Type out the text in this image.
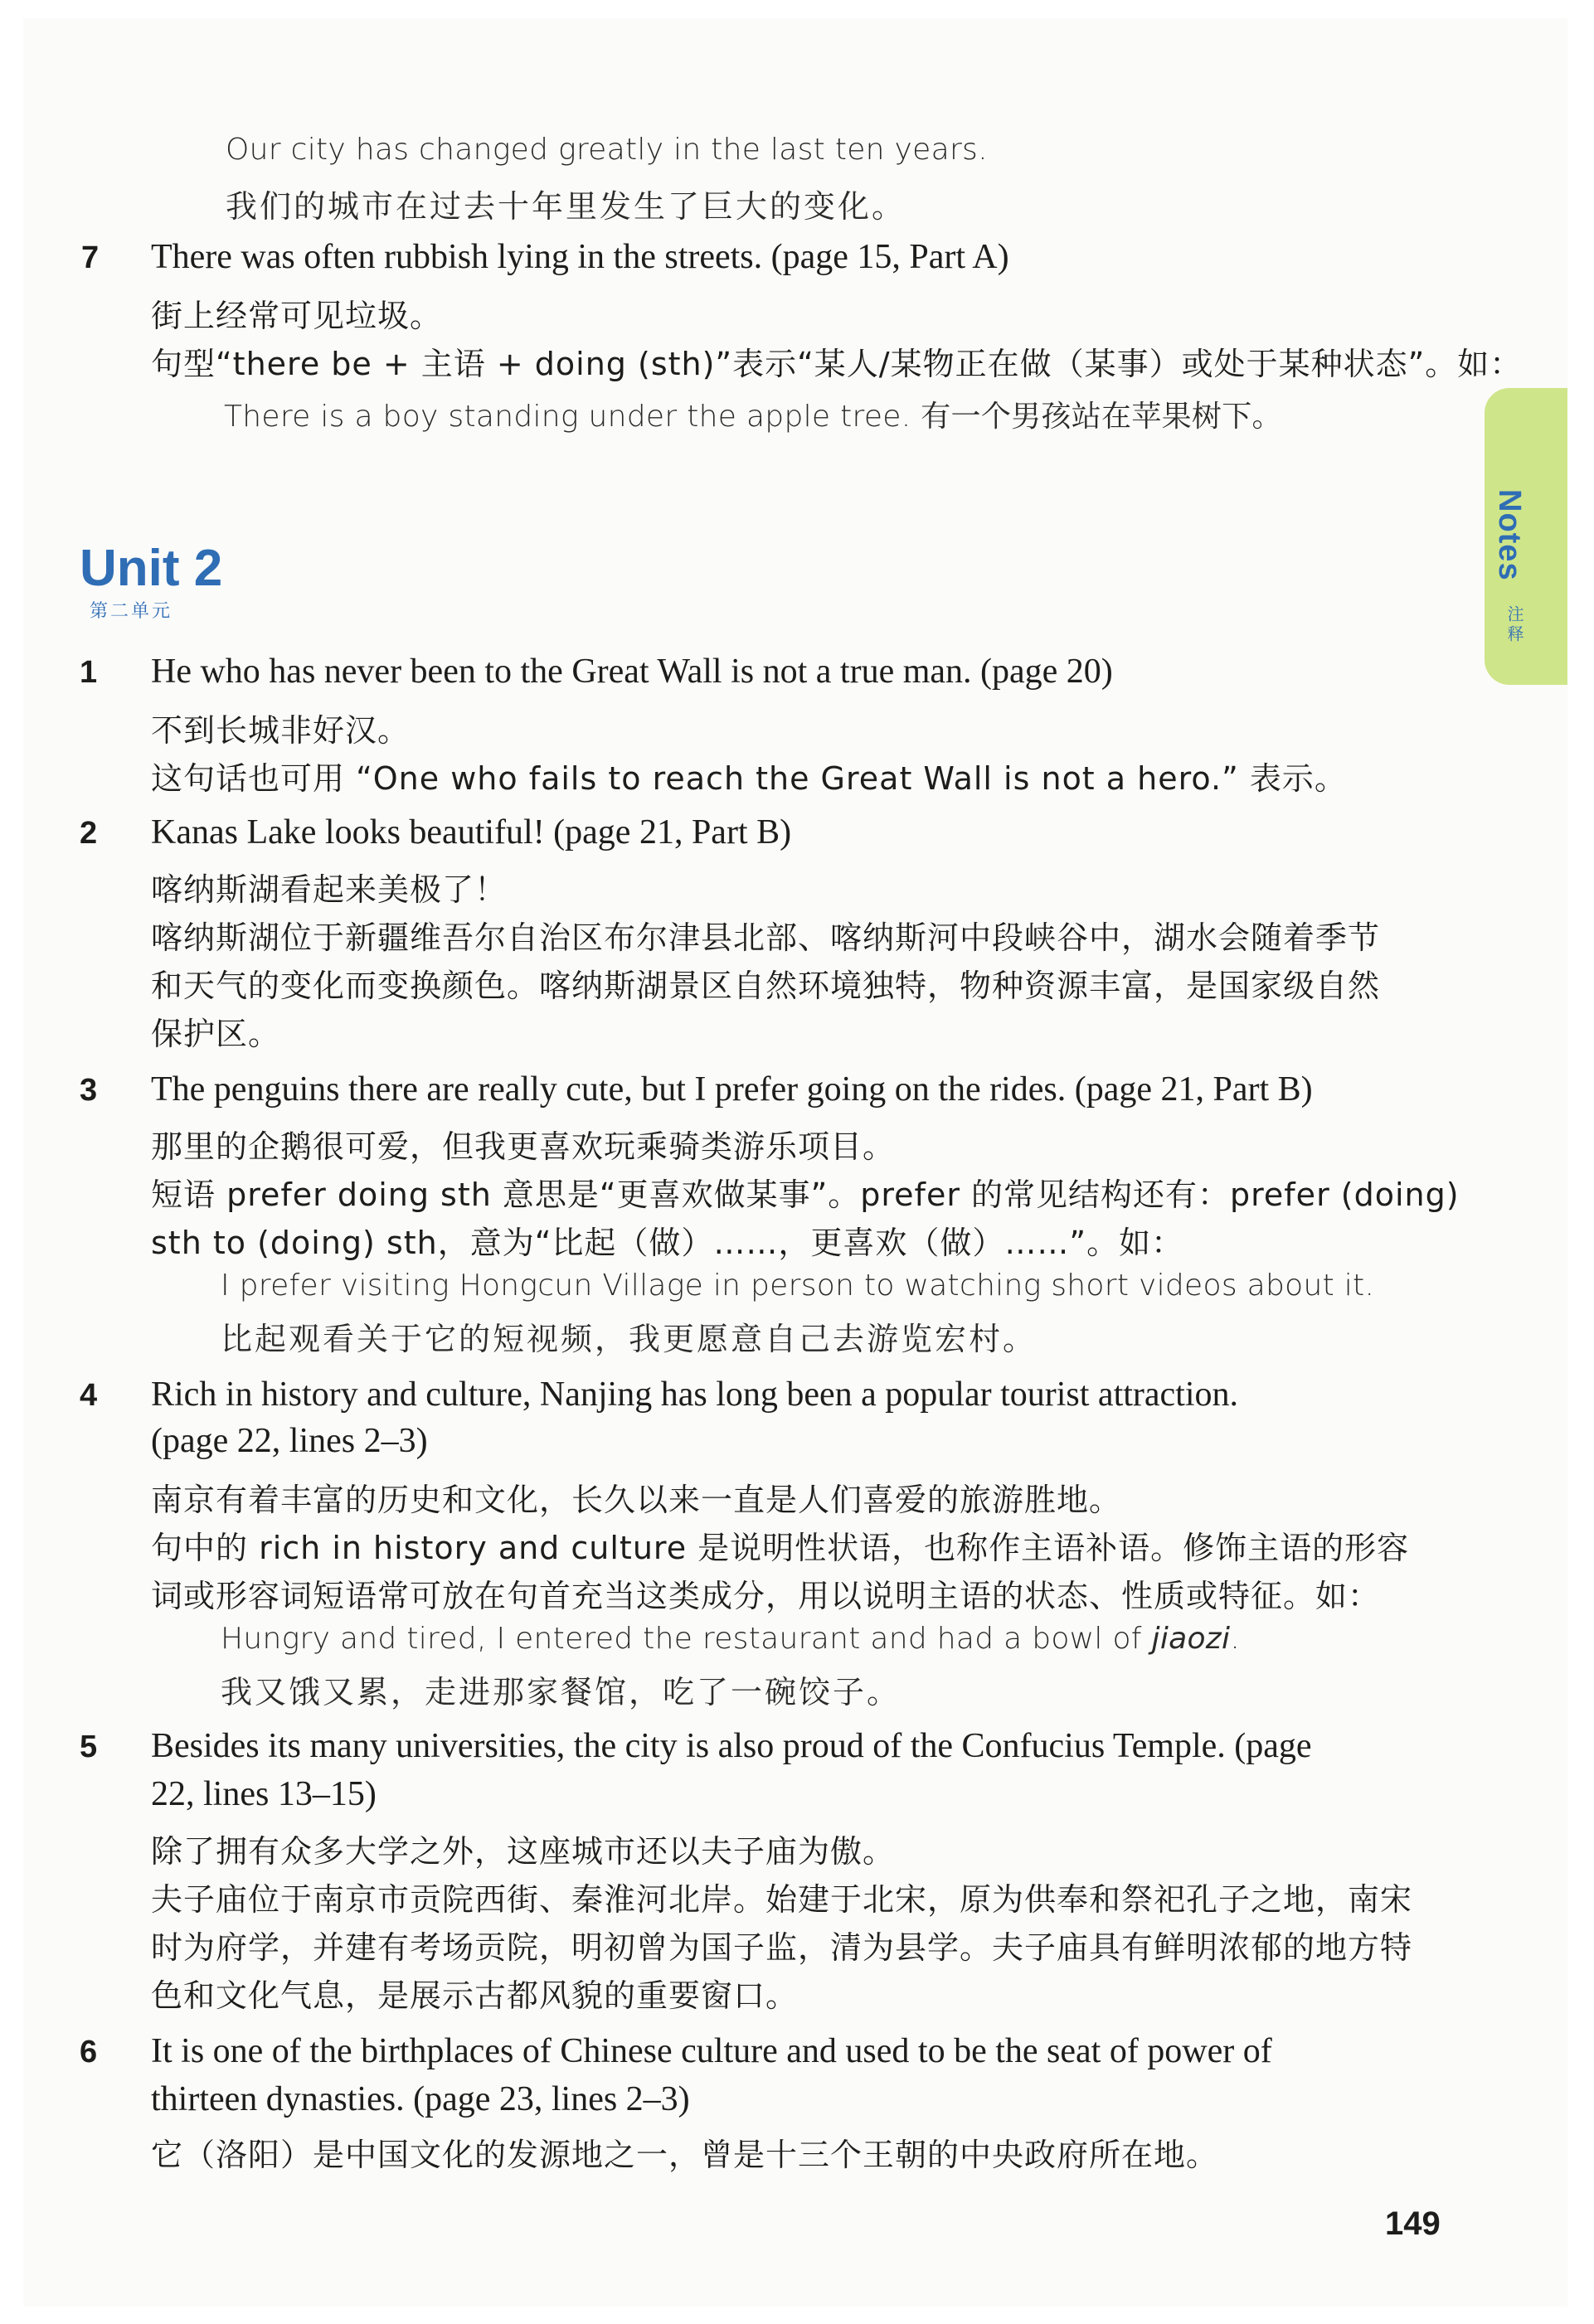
Our city has changed greatly in the last ten years.
我们的城市在过去十年里发生了巨大的变化。
7 There was often rubbish lying in the streets. (page 15, Part A)
街上经常可见垃圾。
句型“there be + 主语 + doing (sth)”表示“某人/某物正在做（某事）或处于某种状态”。如：
There is a boy standing under the apple tree. 有一个男孩站在苹果树下。
Notes
注释
Unit 2
第二单元
1 He who has never been to the Great Wall is not a true man. (page 20)
不到长城非好汉。
这句话也可用 “One who fails to reach the Great Wall is not a hero.” 表示。
2 Kanas Lake looks beautiful! (page 21, Part B)
喀纳斯湖看起来美极了！
喀纳斯湖位于新疆维吾尔自治区布尔津县北部、喀纳斯河中段峡谷中，湖水会随着季节
和天气的变化而变换颜色。喀纳斯湖景区自然环境独特，物种资源丰富，是国家级自然
保护区。
3 The penguins there are really cute, but I prefer going on the rides. (page 21, Part B)
那里的企鹅很可爱，但我更喜欢玩乘骑类游乐项目。
短语 prefer doing sth 意思是“更喜欢做某事”。prefer 的常见结构还有：prefer (doing)
sth to (doing) sth，意为“比起（做）……，更喜欢（做）……”。如：
I prefer visiting Hongcun Village in person to watching short videos about it.
比起观看关于它的短视频，我更愿意自己去游览宏村。
4 Rich in history and culture, Nanjing has long been a popular tourist attraction.
(page 22, lines 2–3)
南京有着丰富的历史和文化，长久以来一直是人们喜爱的旅游胜地。
句中的 rich in history and culture 是说明性状语，也称作主语补语。修饰主语的形容
词或形容词短语常可放在句首充当这类成分，用以说明主语的状态、性质或特征。如：
Hungry and tired, I entered the restaurant and had a bowl of jiaozi.
我又饿又累，走进那家餐馆，吃了一碗饺子。
5 Besides its many universities, the city is also proud of the Confucius Temple. (page
22, lines 13–15)
除了拥有众多大学之外，这座城市还以夫子庙为傲。
夫子庙位于南京市贡院西街、秦淮河北岸。始建于北宋，原为供奉和祭祀孔子之地，南宋
时为府学，并建有考场贡院，明初曾为国子监，清为县学。夫子庙具有鲜明浓郁的地方特
色和文化气息，是展示古都风貌的重要窗口。
6 It is one of the birthplaces of Chinese culture and used to be the seat of power of
thirteen dynasties. (page 23, lines 2–3)
它（洛阳）是中国文化的发源地之一，曾是十三个王朝的中央政府所在地。
149
